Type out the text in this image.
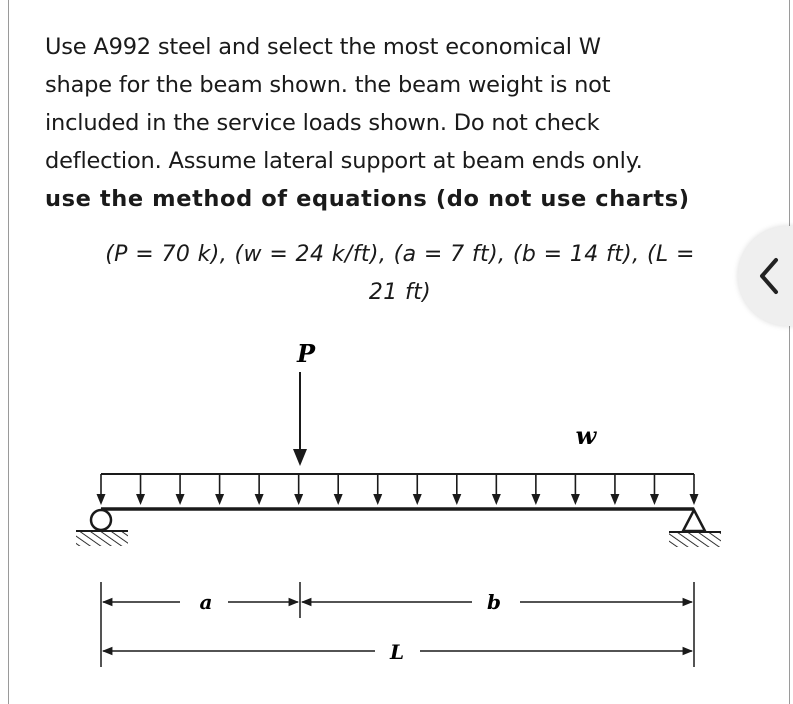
Use A992 steel and select the most economical W

shape for the beam shown. the beam weight is not

included in the service loads shown. Do not check

deflection. Assume lateral support at beam ends only.

use the method of equations (do not use charts)

(P = 70 k), (w = 24 k/ft), (a = 7 ft), (b = 14 ft), (L =
21 ft)
P
w
a	b
L
